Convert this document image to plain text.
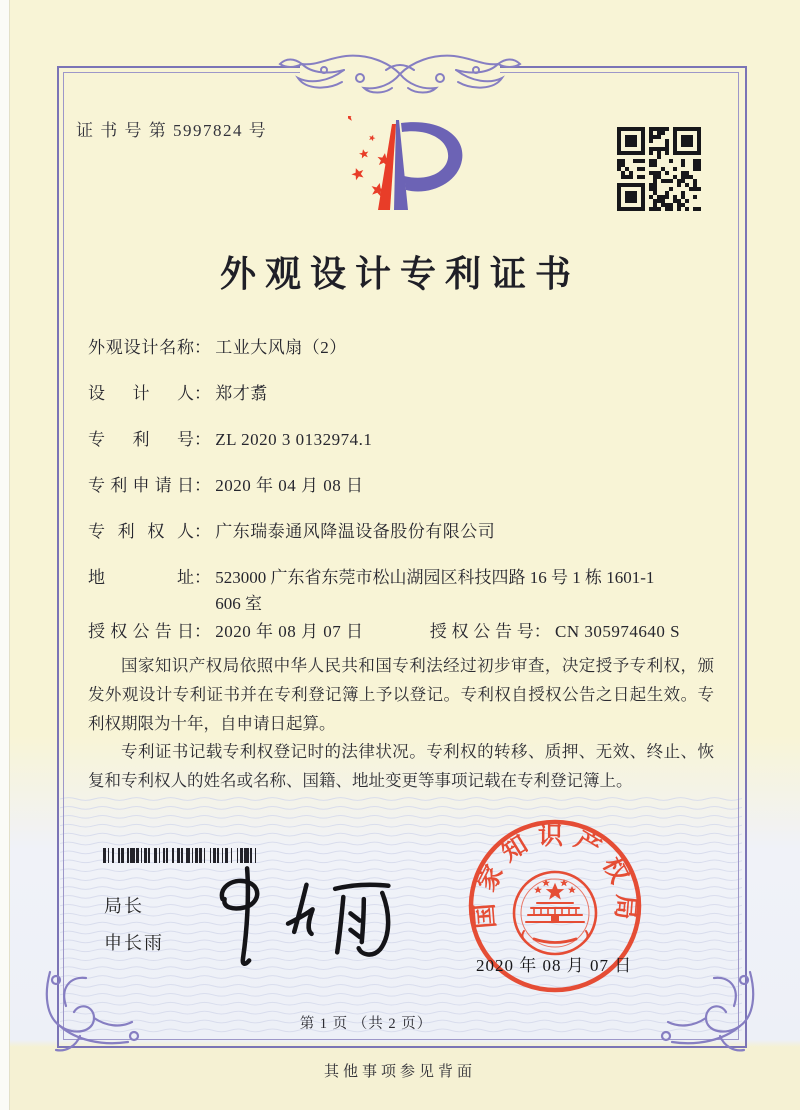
证 书 号 第 5997824 号
外观设计专利证书
外观设计名称： 工业大风扇（2）
设计人： 郑才翥
专利号： ZL 2020 3 0132974.1
专利申请日： 2020 年 04 月 08 日
专利权人： 广东瑞泰通风降温设备股份有限公司
地址： 523000 广东省东莞市松山湖园区科技四路 16 号 1 栋 1601-1
606 室
授权公告日： 2020 年 08 月 07 日	授权公告号： CN 305974640 S

国家知识产权局依照中华人民共和国专利法经过初步审查，决定授予专利权，颁发外观设计专利证书并在专利登记簿上予以登记。专利权自授权公告之日起生效。专利权期限为十年，自申请日起算。

专利证书记载专利权登记时的法律状况。专利权的转移、质押、无效、终止、恢复和专利权人的姓名或名称、国籍、地址变更等事项记载在专利登记簿上。

局长
申长雨
国家知识产权局
2020 年 08 月 07 日
第 1 页 （共 2 页）
其他事项参见背面
